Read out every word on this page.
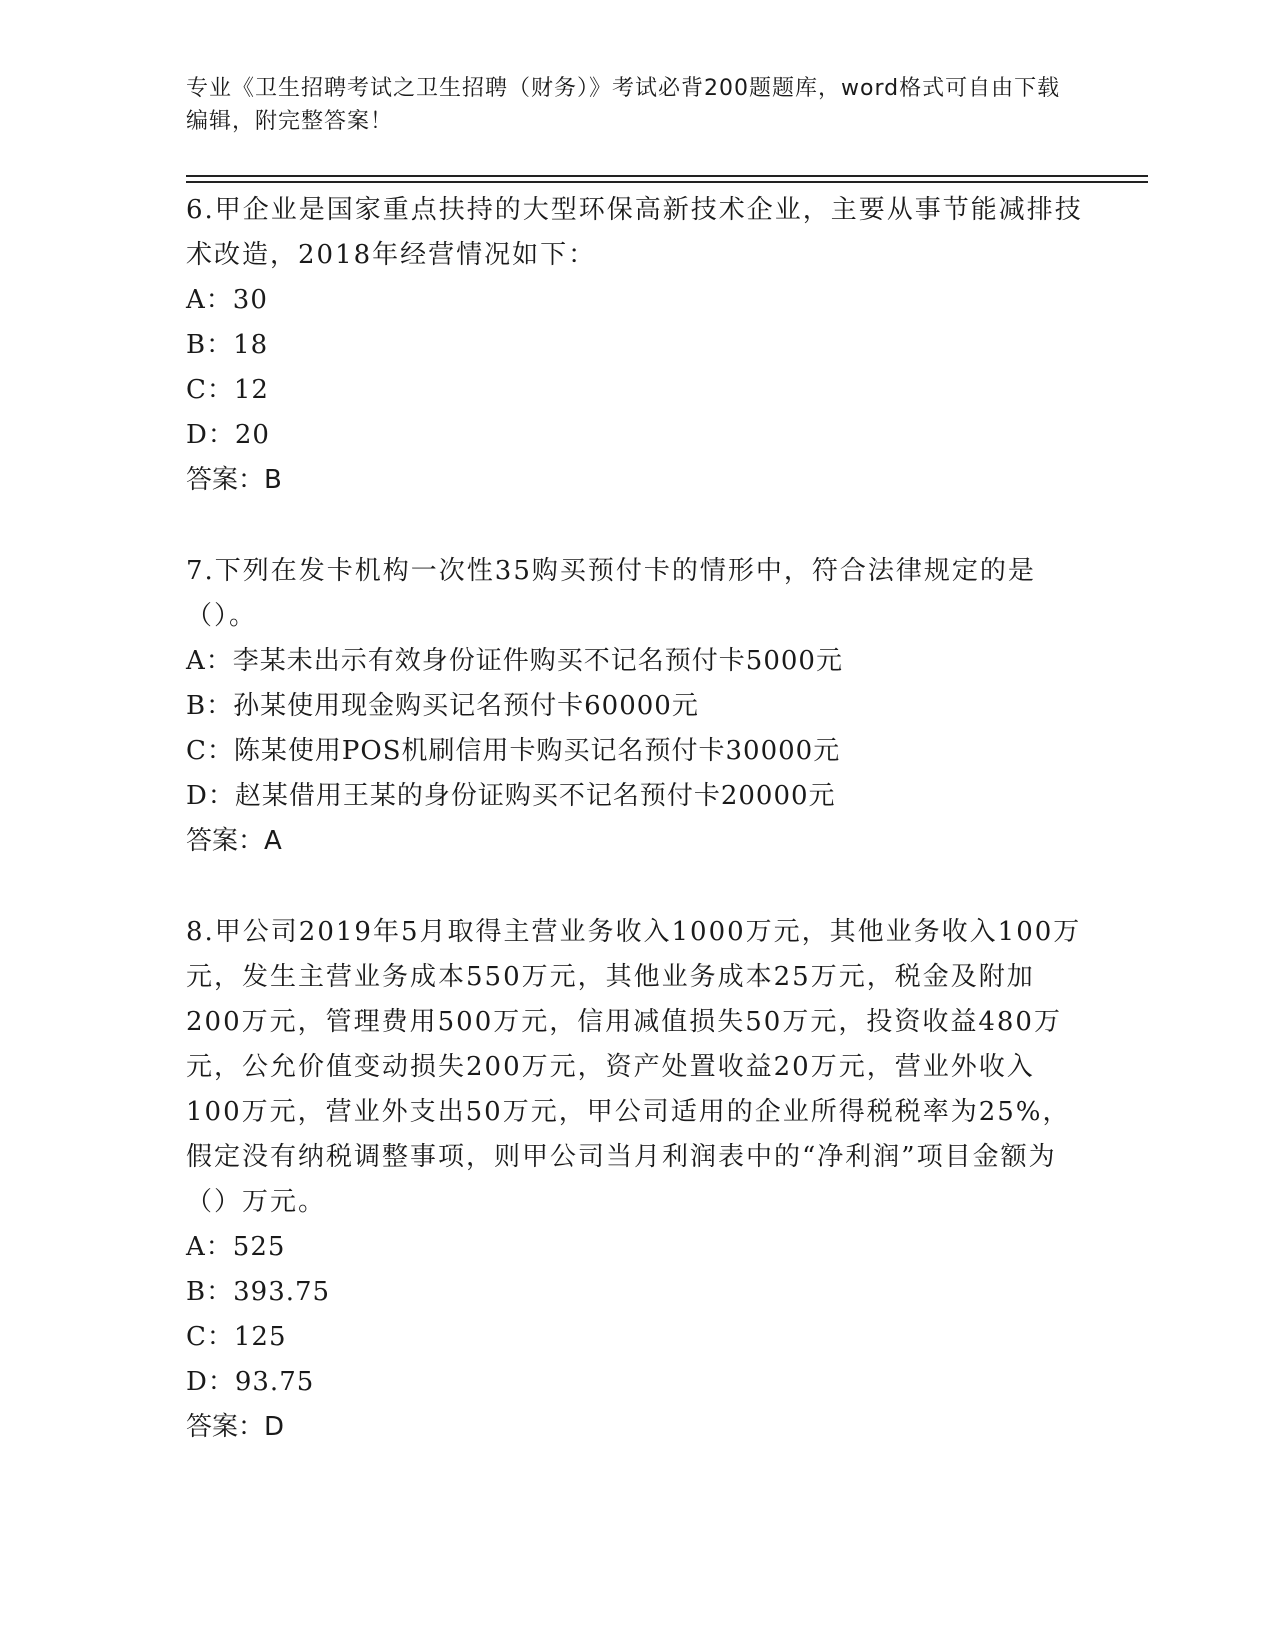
专业《卫生招聘考试之卫生招聘（财务）》考试必背200题题库，word格式可自由下载编辑，附完整答案！
6.甲企业是国家重点扶持的大型环保高新技术企业，主要从事节能减排技术改造，2018年经营情况如下：
A：30
B：18
C：12
D：20
答案：B
7.下列在发卡机构一次性35购买预付卡的情形中，符合法律规定的是（）。
A：李某未出示有效身份证件购买不记名预付卡5000元
B：孙某使用现金购买记名预付卡60000元
C：陈某使用POS机刷信用卡购买记名预付卡30000元
D：赵某借用王某的身份证购买不记名预付卡20000元
答案：A
8.甲公司2019年5月取得主营业务收入1000万元，其他业务收入100万元，发生主营业务成本550万元，其他业务成本25万元，税金及附加200万元，管理费用500万元，信用减值损失50万元，投资收益480万元，公允价值变动损失200万元，资产处置收益20万元，营业外收入100万元，营业外支出50万元，甲公司适用的企业所得税税率为25%，假定没有纳税调整事项，则甲公司当月利润表中的“净利润”项目金额为（）万元。
A：525
B：393.75
C：125
D：93.75
答案：D
